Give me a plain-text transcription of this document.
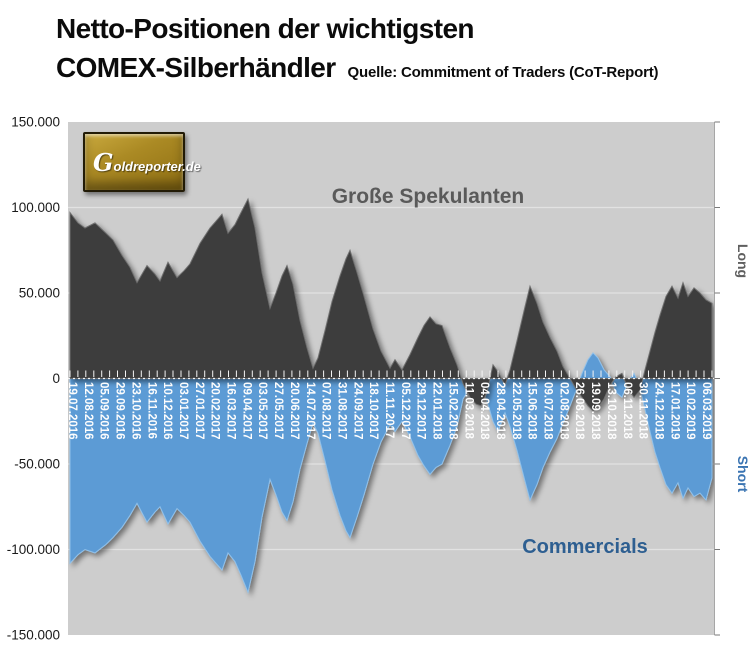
Netto-Positionen der wichtigsten
COMEX-Silberhändler Quelle: Commitment of Traders (CoT-Report)
19.07.2016 12.08.2016 05.09.2016 29.09.2016 23.10.2016 16.11.2016 10.12.2016 03.01.2017 27.01.2017 20.02.2017 16.03.2017 09.04.2017 03.05.2017 27.05.2017 20.06.2017 14.07.2017 07.08.2017 31.08.2017 24.09.2017 18.10.2017 11.11.2017 05.12.2017 29.12.2017 22.01.2018 15.02.2018 11.03.2018 04.04.2018 28.04.2018 22.05.2018 15.06.2018 09.07.2018 02.08.2018 26.08.2018 19.09.2018 13.10.2018 06.11.2018 30.11.2018 24.12.2018 17.01.2019 10.02.2019 06.03.2019
150.000
100.000
50.000
0
-50.000
-100.000
-150.000
Große Spekulanten
Commercials
Long
Short
Goldreporter.de
